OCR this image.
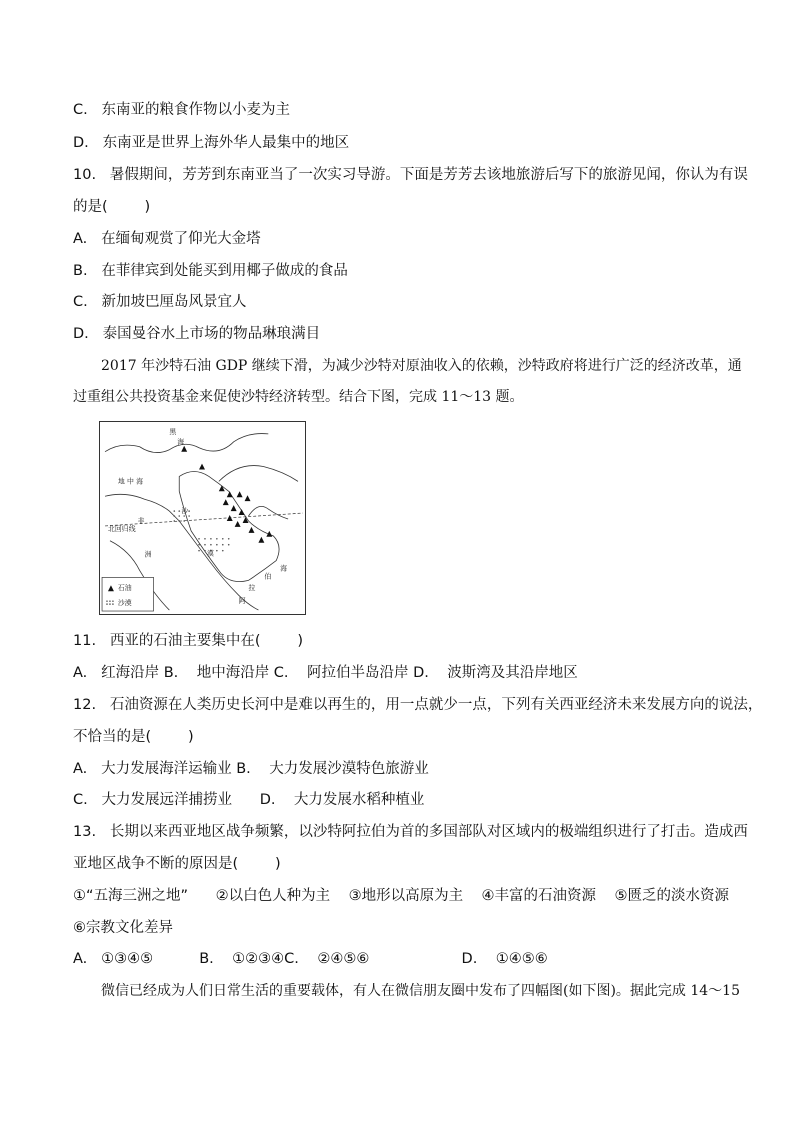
C.   东南亚的粮食作物以小麦为主
D.   东南亚是世界上海外华人最集中的地区
10.   暑假期间，芳芳到东南亚当了一次实习导游。下面是芳芳去该地旅游后写下的旅游见闻，你认为有误
的是(        )
A.   在缅甸观赏了仰光大金塔
B.   在菲律宾到处能买到用椰子做成的食品
C.   新加坡巴厘岛风景宜人
D.   泰国曼谷水上市场的物品琳琅满目
2017 年沙特石油 GDP 继续下滑，为减少沙特对原油收入的依赖，沙特政府将进行广泛的经济改革，通
过重组公共投资基金来促使沙特经济转型。结合下图，完成 11～13 题。
黑
海
地 中 海
沙
非
北回归线
洲	漠
海
伯
拉
阿
石油
沙漠
11.   西亚的石油主要集中在(        )
A.   红海沿岸 B.    地中海沿岸 C.    阿拉伯半岛沿岸 D.    波斯湾及其沿岸地区
12.   石油资源在人类历史长河中是难以再生的，用一点就少一点，下列有关西亚经济未来发展方向的说法，
不恰当的是(        )
A.   大力发展海洋运输业 B.    大力发展沙漠特色旅游业
C.   大力发展远洋捕捞业      D.    大力发展水稻种植业
13.   长期以来西亚地区战争频繁，以沙特阿拉伯为首的多国部队对区域内的极端组织进行了打击。造成西
亚地区战争不断的原因是(        )
①“五海三洲之地”      ②以白色人种为主    ③地形以高原为主    ④丰富的石油资源    ⑤匮乏的淡水资源
⑥宗教文化差异
A.   ①③④⑤          B.    ①②③④C.    ②④⑤⑥                    D.    ①④⑤⑥
微信已经成为人们日常生活的重要载体，有人在微信朋友圈中发布了四幅图(如下图)。据此完成 14～15
